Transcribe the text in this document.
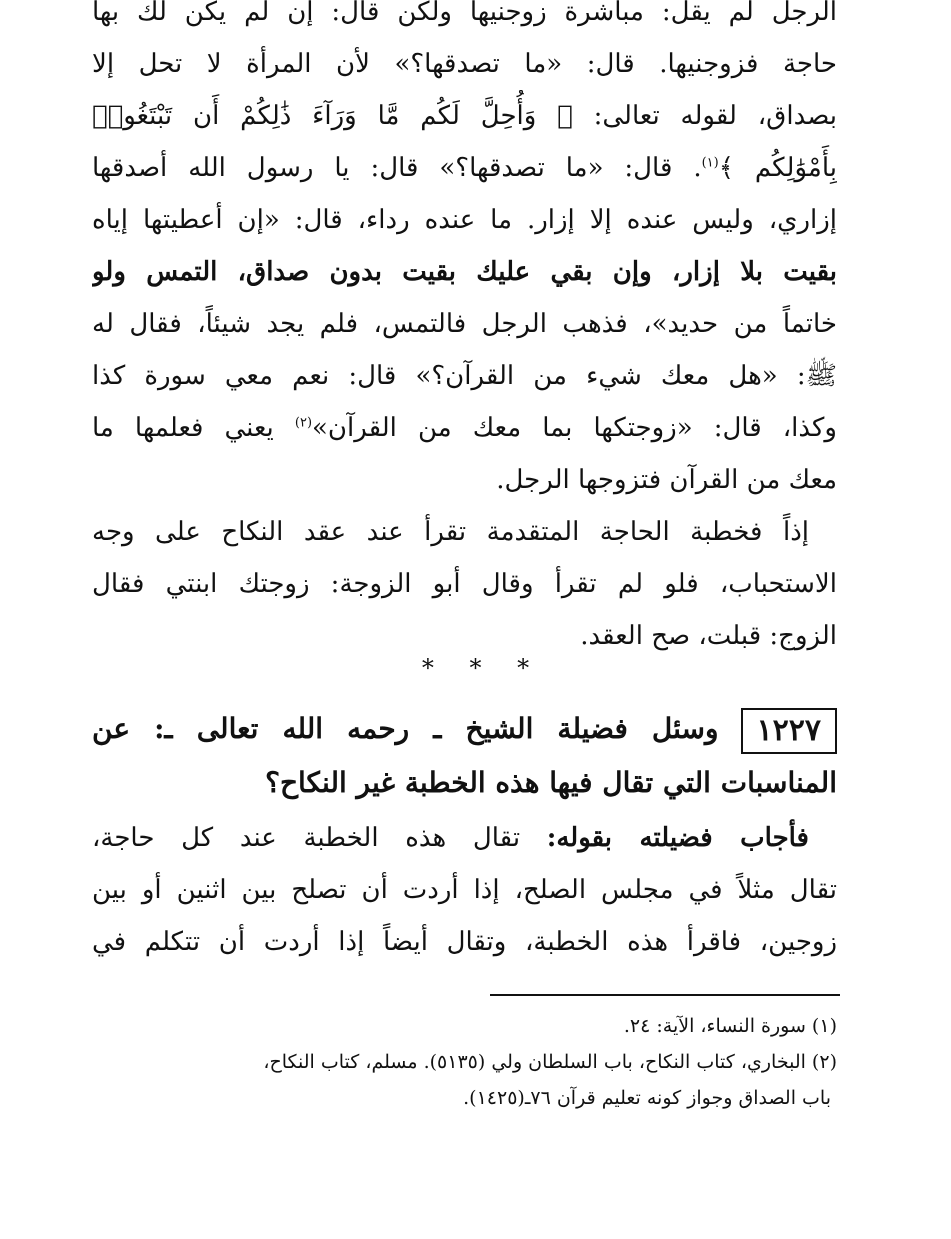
الرجل لم يقل: مباشرة زوجنيها ولكن قال: إن لم يكن لك بها
حاجة فزوجنيها. قال: «ما تصدقها؟» لأن المرأة لا تحل إلا
بصداق، لقوله تعالى: ﴿ وَأُحِلَّ لَكُم مَّا وَرَآءَ ذَٰلِكُمْ أَن تَبْتَغُوا۟
بِأَمْوَٰلِكُم ﴾$^{(١)}$. قال: «ما تصدقها؟» قال: يا رسول الله أصدقها
إزاري، وليس عنده إلا إزار. ما عنده رداء، قال: «إن أعطيتها إياه
بقيت بلا إزار، وإن بقي عليك بقيت بدون صداق، التمس ولو
خاتماً من حديد»، فذهب الرجل فالتمس، فلم يجد شيئاً، فقال له
ﷺ: «هل معك شيء من القرآن؟» قال: نعم معي سورة كذا
وكذا، قال: «زوجتكها بما معك من القرآن»$^{(٢)}$ يعني فعلمها ما
معك من القرآن فتزوجها الرجل.
إذاً فخطبة الحاجة المتقدمة تقرأ عند عقد النكاح على وجه
الاستحباب، فلو لم تقرأ وقال أبو الزوجة: زوجتك ابنتي فقال
الزوج: قبلت، صح العقد.
* * *
١٢٢٧وسئل فضيلة الشيخ ـ رحمه الله تعالى ـ: عن
المناسبات التي تقال فيها هذه الخطبة غير النكاح؟
فأجاب فضيلته بقوله: تقال هذه الخطبة عند كل حاجة،
تقال مثلاً في مجلس الصلح، إذا أردت أن تصلح بين اثنين أو بين
زوجين، فاقرأ هذه الخطبة، وتقال أيضاً إذا أردت أن تتكلم في
(١) سورة النساء، الآية: ٢٤.
(٢) البخاري، كتاب النكاح، باب السلطان ولي (٥١٣٥). مسلم، كتاب النكاح،
باب الصداق وجواز كونه تعليم قرآن ٧٦ـ(١٤٢٥).
